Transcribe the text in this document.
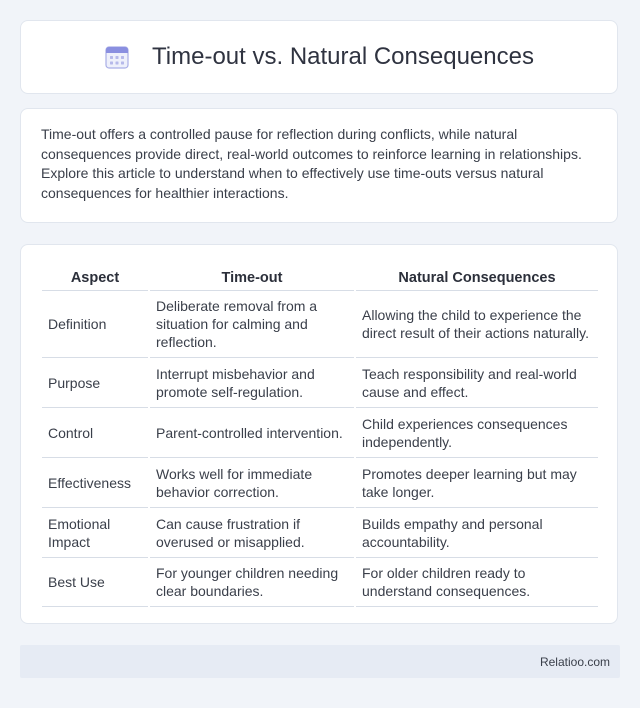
Time-out vs. Natural Consequences

Time-out offers a controlled pause for reflection during conflicts, while natural consequences provide direct, real-world outcomes to reinforce learning in relationships. Explore this article to understand when to effectively use time-outs versus natural consequences for healthier interactions.

Aspect	Time-out	Natural Consequences
Definition	Deliberate removal from a situation for calming and reflection.	Allowing the child to experience the direct result of their actions naturally.
Purpose	Interrupt misbehavior and promote self-regulation.	Teach responsibility and real-world cause and effect.
Control	Parent-controlled intervention.	Child experiences consequences independently.
Effectiveness	Works well for immediate behavior correction.	Promotes deeper learning but may take longer.
Emotional Impact	Can cause frustration if overused or misapplied.	Builds empathy and personal accountability.
Best Use	For younger children needing clear boundaries.	For older children ready to understand consequences.
Relatioo.com
